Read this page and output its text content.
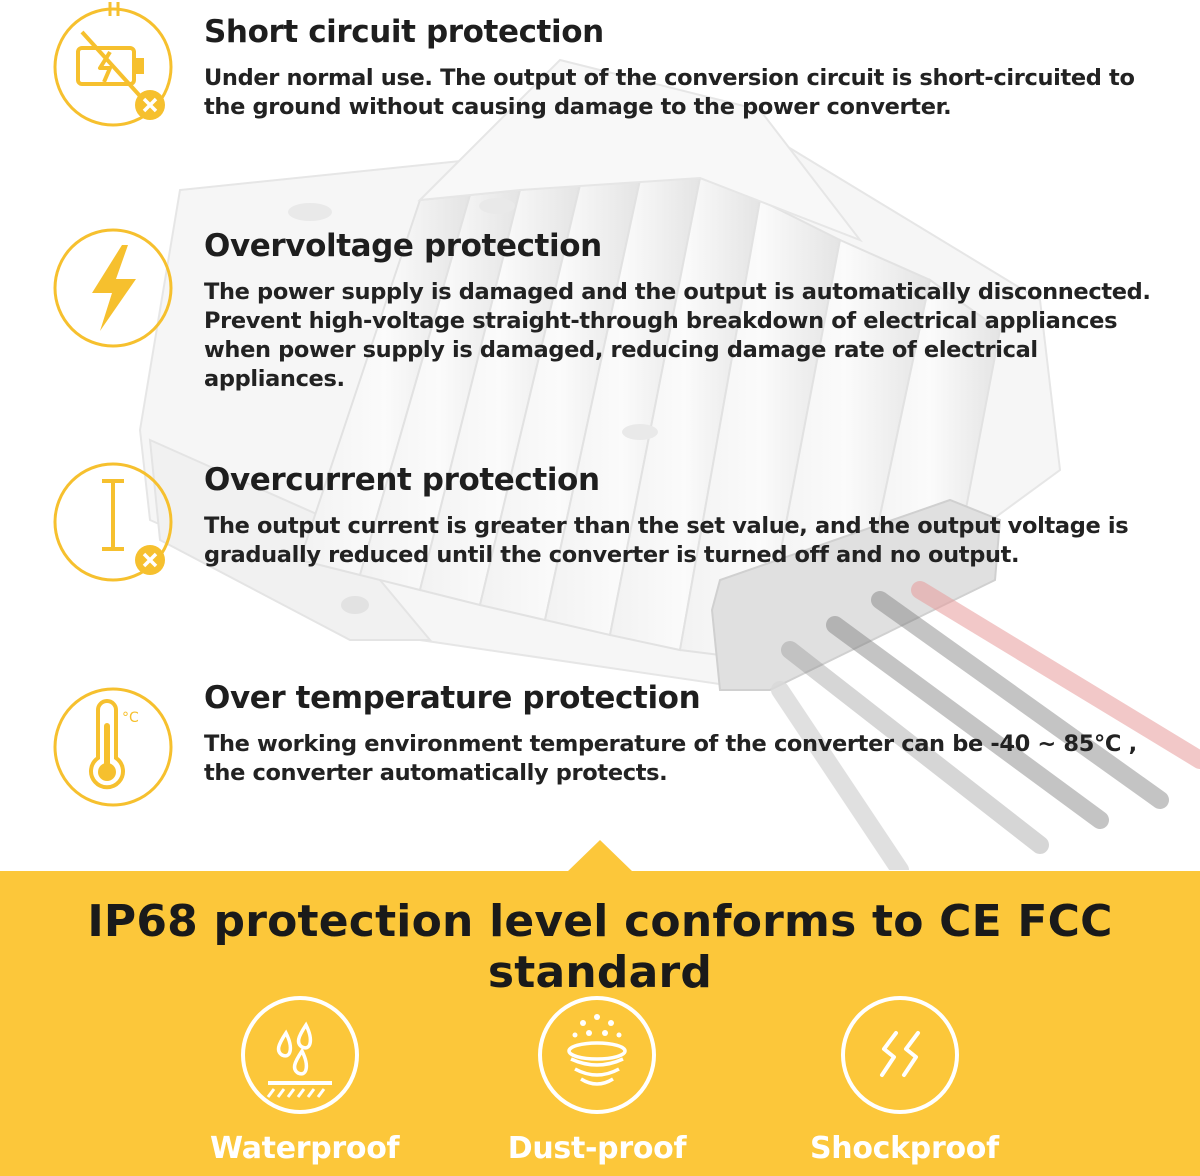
Short circuit protection
Under normal use. The output of the conversion circuit is short-circuited to the ground without causing damage to the power converter.
Overvoltage protection
The power supply is damaged and the output is automatically disconnected. Prevent high-voltage straight-through breakdown of electrical appliances when power supply is damaged, reducing damage rate of electrical appliances.
Overcurrent protection
The output current is greater than the set value, and the output voltage is gradually reduced until the converter is turned off and no output.
°C
Over temperature protection
The working environment temperature of the converter can be -40 ~ 85°C , the converter automatically protects.
IP68 protection level conforms to CE FCC standard
Waterproof	Dust-proof	Shockproof
